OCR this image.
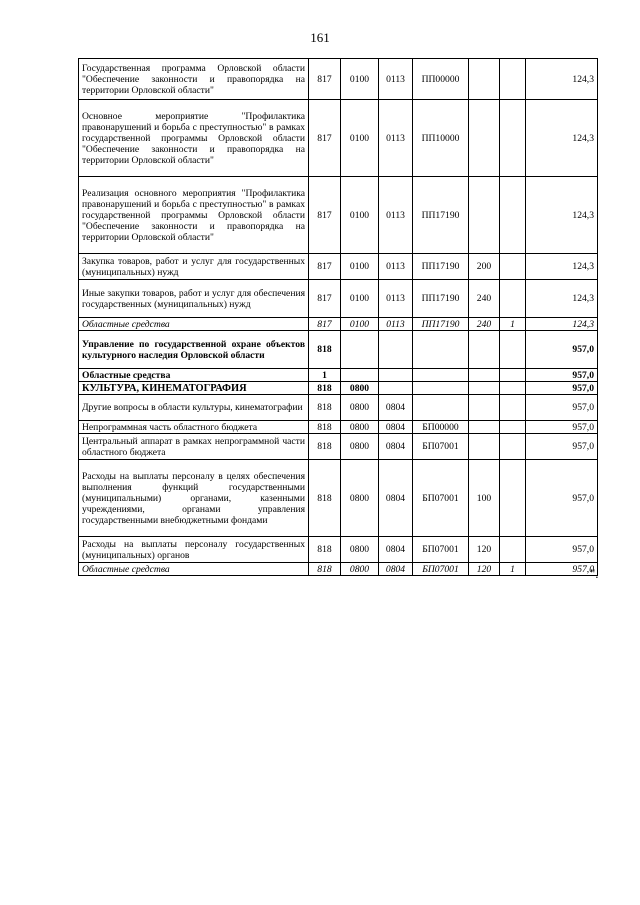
161
Государственная программа Орловской области "Обеспечение законности и правопорядка на территории Орловской области"	817	0100	0113	ПП00000			124,3
Основное мероприятие "Профилактика правонарушений и борьба с преступностью" в рамках государственной программы Орловской области "Обеспечение законности и правопорядка на территории Орловской области"	817	0100	0113	ПП10000			124,3
Реализация основного мероприятия "Профилактика правонарушений и борьба с преступностью" в рамках государственной программы Орловской области "Обеспечение законности и правопорядка на территории Орловской области"	817	0100	0113	ПП17190			124,3
Закупка товаров, работ и услуг для государственных (муниципальных) нужд	817	0100	0113	ПП17190	200		124,3
Иные закупки товаров, работ и услуг для обеспечения государственных (муниципальных) нужд	817	0100	0113	ПП17190	240		124,3
Областные средства	817	0100	0113	ПП17190	240	1	124,3
Управление по государственной охране объектов культурного наследия Орловской области	818						957,0
Областные средства	1						957,0
КУЛЬТУРА, КИНЕМАТОГРАФИЯ	818	0800					957,0
Другие вопросы в области культуры, кинематографии	818	0800	0804				957,0
Непрограммная часть областного бюджета	818	0800	0804	БП00000			957,0
Центральный аппарат в рамках непрограммной части областного бюджета	818	0800	0804	БП07001			957,0
Расходы на выплаты персоналу в целях обеспечения выполнения функций государственными (муниципальными) органами, казенными учреждениями, органами управления государственными внебюджетными фондами	818	0800	0804	БП07001	100		957,0
Расходы на выплаты персоналу государственных (муниципальных) органов	818	0800	0804	БП07001	120		957,0
Областные средства	818	0800	0804	БП07001	120	1	957,0
".
